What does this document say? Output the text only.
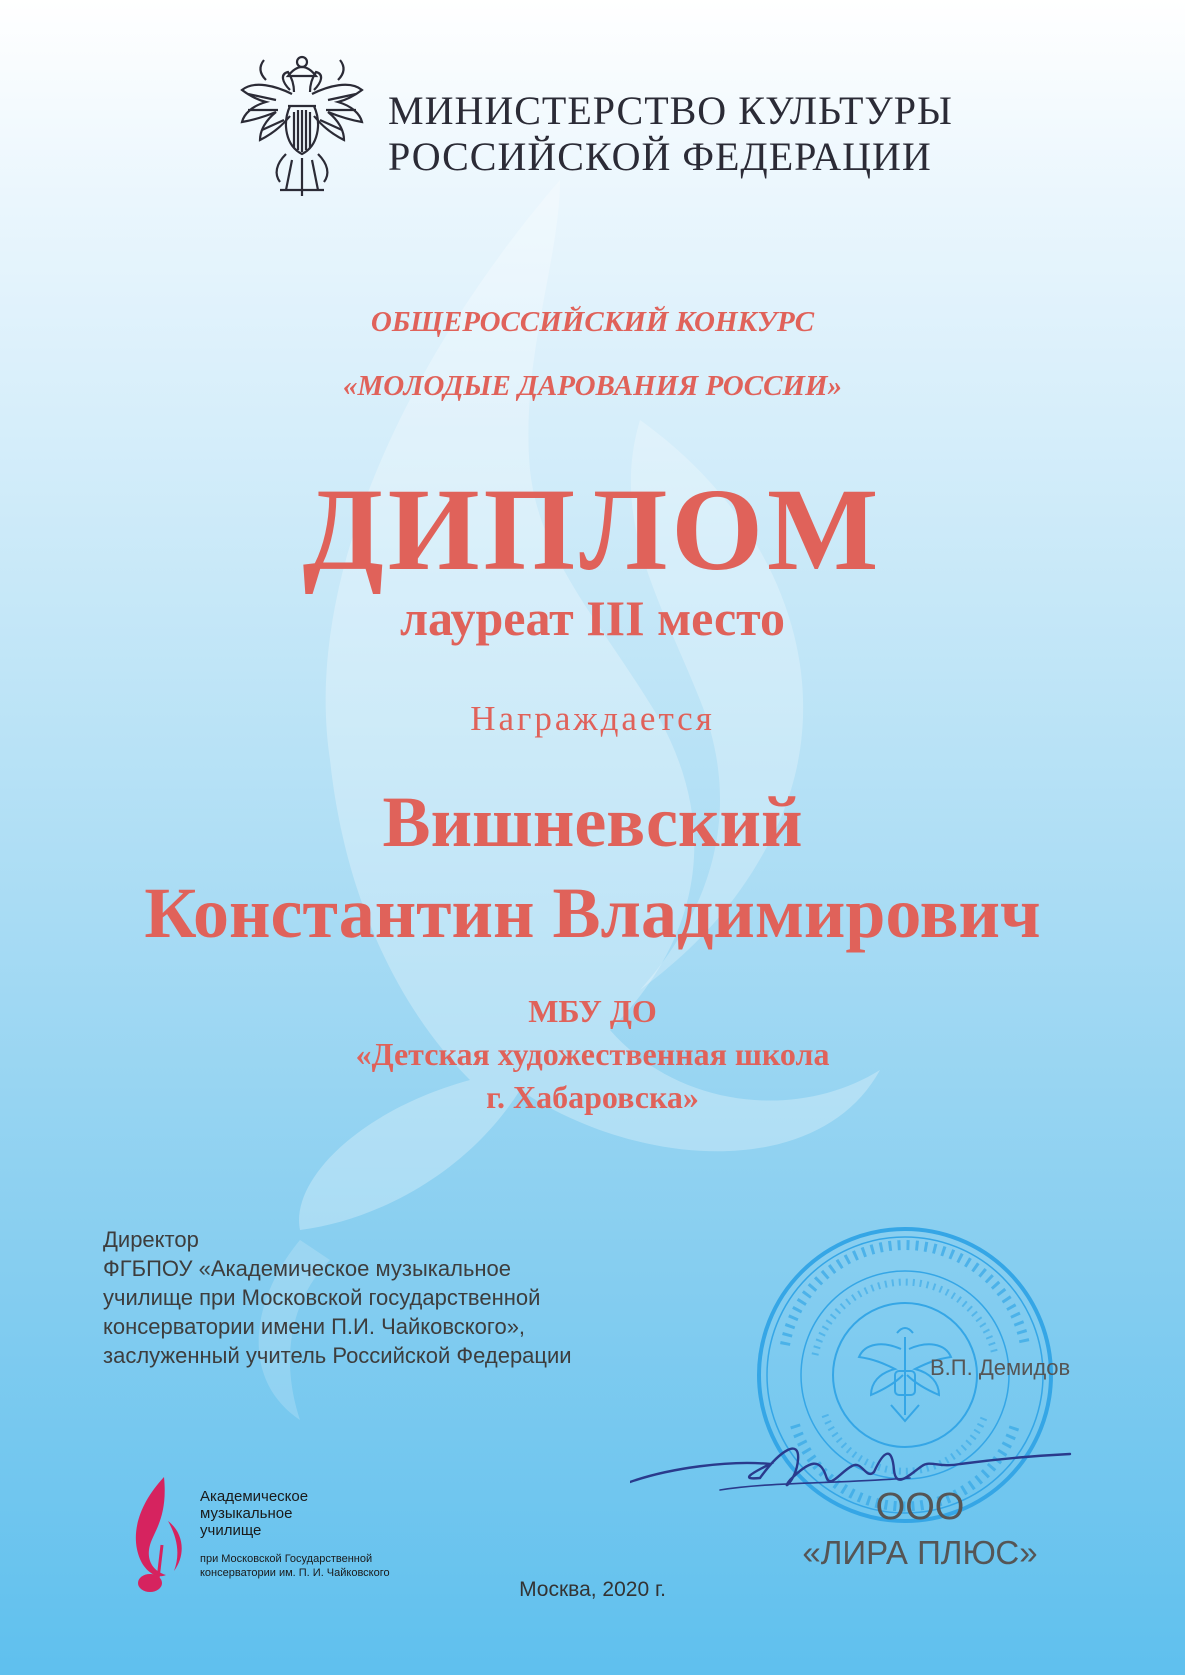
МИНИСТЕРСТВО КУЛЬТУРЫ
РОССИЙСКОЙ ФЕДЕРАЦИИ
ОБЩЕРОССИЙСКИЙ КОНКУРС
«МОЛОДЫЕ ДАРОВАНИЯ РОССИИ»
ДИПЛОМ
лауреат III место
Награждается
Вишневский
Константин Владимирович
МБУ ДО
«Детская художественная школа
г. Хабаровска»
Директор
ФГБПОУ «Академическое музыкальное
училище при Московской государственной
консерватории имени П.И. Чайковского»,
заслуженный учитель Российской Федерации	В.П. Демидов
ООО
«ЛИРА ПЛЮС»
Академическое
музыкальное
училище
при Московской Государственной
консерватории им. П. И. Чайковского
Москва, 2020 г.
